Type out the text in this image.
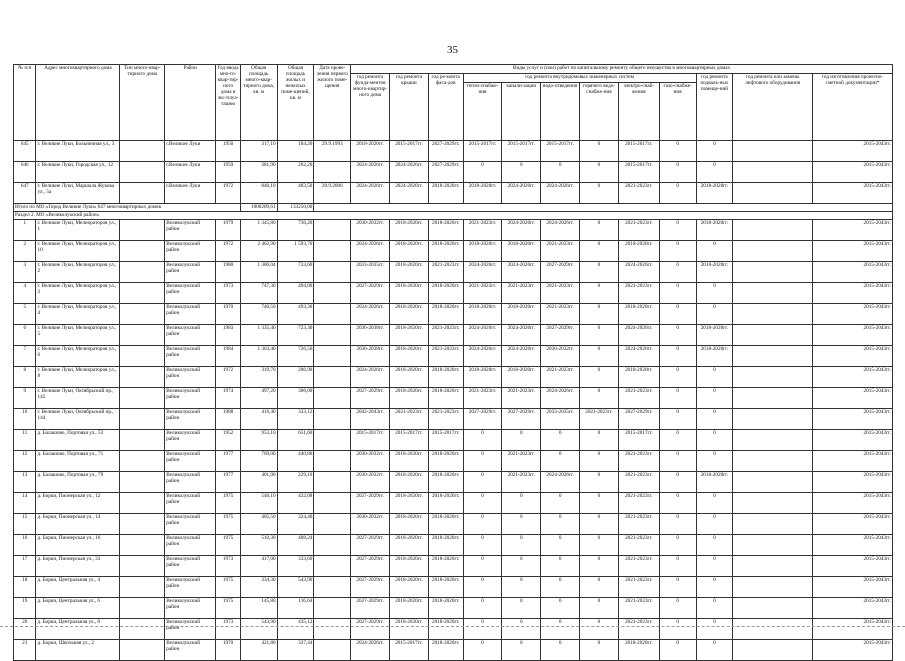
35
№ п/п	Адрес многоквартирного дома	Тип много-квар-тирного дома	Район	Год ввода мно-го-квар-тир-ного дома в экс-плуа-тацию	Общая площадь много-квар-тирного дома, кв. м	Общая площадь жилых и нежилых поме-щений, кв. м	Дата прове-ления первого жилого поме-щения	Виды услуг и (или) работ по капитальному ремонту общего имущества в многоквартирных домах											
								год ремонта фунда-ментов много-квартир-ного дома	год ремонта крыши	год ре-монта фаса-дов	год ремонта внутридомовых инженерных систем						год ремонта подваль-ных помеще-ний	год ремонта или замены лифтового оборудования	год изготовления проектно-сметной документации*
											тепло-снабже-ния	канали-зации	водо-отведения	горячего водо-снабже-ния	электро-снаб-жения	газо-снабже-ния			
645	г. Великие Луки, Больничная ул., 3		г.Великие Луки	1950	317,10	184,20	29.9.1993	2018-2020гг.	2015-2017гг.	2027-2029гг.	2015-2017гг.	2015-2017гг.	2015-2017гг.	0	2015-2017гг.	0	0		2015-2043гг.
646	г. Великие Луки, Городская ул., 12		г.Великие Луки	1959	381,90	262,20		2024-2026гг.	2024-2026гг.	2027-2029гг.	0	0	0	0	2015-2017гг.	0	0		2015-2043гг.
647	г. Великие Луки, Маршала Жукова ул., 5а		г.Великие Луки	1972	840,10	483,50	20.9.2006	2024-2026гг.	2024-2026гг.	2018-2020гг.	2018-2020гг.	2024-2026гг.	2024-2026гг.	0	2021-2023гг.	0	2018-2020гг.		2015-2043гг.
Итого по МО «Город Великие Луки» 647 многоквартирных домов					1000289,61	133250,00													
Раздел 2. МО «Великолукский район»																			
1	г. Великие Луки, Мелиораторов ул., 1		Великолукский район	1979	1 345,80	736,20		2030-2032гг.	2018-2020гг.	2018-2020гг.	2021-2023гг.	2024-2026гг.	2024-2026гг.	0	2021-2023гг.	0	2018-2020гг.		2015-2043гг.
2	г. Великие Луки, Мелиораторов ул., 10		Великолукский район	1972	2 462,90	1 593,70		2024-2026гг.	2018-2020гг.	2018-2020гг.	2018-2020гг.	2018-2020гг.	2021-2023гг.	0	2018-2020гг.	0	0		2015-2043гг.
3	г. Великие Луки, Мелиораторов ул., 2		Великолукский район	1980	1 386,04	733,60		2033-2035гг.	2018-2020гг.	2021-2023гг.	2024-2026гг.	2024-2026гг.	2027-2029гг.	0	2024-2026гг.	0	2018-2020гг.		2015-2043гг.
4	г. Великие Луки, Мелиораторов ул., 3		Великолукский район	1973	747,30	494,00		2027-2029гг.	2018-2020гг.	2018-2020гг.	2021-2023гг.	2021-2023гг.	2021-2023гг.	0	2021-2023гг.	0	0		2015-2043гг.
5	г. Великие Луки, Мелиораторов ул., 4		Великолукский район	1970	740,50	493,30		2024-2026гг.	2018-2020гг.	2018-2020гг.	2018-2020гг.	2018-2020гг.	2021-2023гг.	0	2018-2020гг.	0	0		2015-2043гг.
6	г. Великие Луки, Мелиораторов ул., 5		Великолукский район	1983	1 335,40	723,30		2036-2038гг.	2018-2020гг.	2021-2023гг.	2024-2026гг.	2024-2026гг.	2027-2029гг.	0	2024-2026гг.	0	2018-2020гг.		2015-2043гг.
7	г. Великие Луки, Мелиораторов ул., 6		Великолукский район	1984	1 363,40	726,50		2036-2038гг.	2018-2020гг.	2021-2023гг.	2024-2026гг.	2024-2026гг.	2030-2032гг.	0	2024-2026гг.	0	2018-2020гг.		2015-2043гг.
8	г. Великие Луки, Мелиораторов ул., 8		Великолукский район	1972	319,70	206,90		2024-2026гг.	2018-2020гг.	2018-2020гг.	2018-2020гг.	2018-2020гг.	2021-2023гг.	0	2018-2020гг.	0	0		2015-2043гг.
9	г. Великие Луки, Октябрьский пр., 142		Великолукский район	1974	497,20	306,00		2027-2029гг.	2018-2020гг.	2018-2020гг.	2021-2023гг.	2021-2023гг.	2024-2026гг.	0	2021-2023гг.	0	0		2015-2043гг.
10	г. Великие Луки, Октябрьский пр., 144		Великолукский район	1988	416,40	333,12		2042-2043гг.	2021-2023гг.	2021-2023гг.	2027-2029гг.	2027-2029гг.	2033-2035гг.	2021-2023гг.	2027-2029гг.	0	0		2015-2043гг.
11	д. Балашово, Портовая ул., 53		Великолукский район	1952	953,10	651,60		2015-2017гг.	2015-2017гг.	2015-2017гг.	0	0	0	0	2015-2017гг.	0	0		2015-2043гг.
12	д. Балашово, Портовая ул., 71		Великолукский район	1977	769,00	440,80		2030-2032гг.	2018-2020гг.	2018-2020гг.	0	2021-2023гг.	0	0	2021-2023гг.	0	0		2015-2043гг.
13	д. Балашово, Портовая ул., 79		Великолукский район	1977	401,90	229,10		2030-2032гг.	2018-2020гг.	2018-2020гг.	0	2021-2023гг.	2024-2026гг.	0	2021-2023гг.	0	2018-2020гг.		2015-2043гг.
14	д. Борки, Пионерская ул., 12		Великолукский район	1975	540,10	432,08		2027-2029гг.	2018-2020гг.	2018-2020гг.	0	0	0	0	2021-2023гг.	0	0		2015-2043гг.
15	д. Борки, Пионерская ул., 14		Великолукский район	1975	405,50	324,40		2030-2032гг.	2018-2020гг.	2018-2020гг.	0	0	0	0	2021-2023гг.	0	0		2015-2043гг.
16	д. Борки, Пионерская ул., 16		Великолукский район	1975	510,30	408,24		2027-2029гг.	2018-2020гг.	2018-2020гг.	0	0	0	0	2021-2023гг.	0	0		2015-2043гг.
17	д. Борки, Пионерская ул., 33		Великолукский район	1973	417,00	333,60		2027-2029гг.	2018-2020гг.	2018-2020гг.	0	0	0	0	2021-2023гг.	0	0		2015-2043гг.
18	д. Борки, Центральная ул., 4		Великолукский район	1975	334,30	543,90		2027-2029гг.	2018-2020гг.	2018-2020гг.	0	0	0	0	2021-2023гг.	0	0		2015-2043гг.
19	д. Борки, Центральная ул., 6		Великолукский район	1975	145,80	116,64		2027-2029гг.	2018-2020гг.	2018-2020гг.	0	0	0	0	2021-2023гг.	0	0		2015-2043гг.
20	д. Борки, Центральная ул., 8		Великолукский район	1973	543,90	435,12		2027-2029гг.	2018-2020гг.	2018-2020гг.	0	0	0	0	2021-2023гг.	0	0		2015-2043гг.
21	д. Борки, Школьная ул., 2		Великолукский район	1970	421,80	337,44		2024-2026гг.	2015-2017гг.	2018-2020гг.	0	0	0	0	2018-2020гг.	0	0		2015-2043гг.
